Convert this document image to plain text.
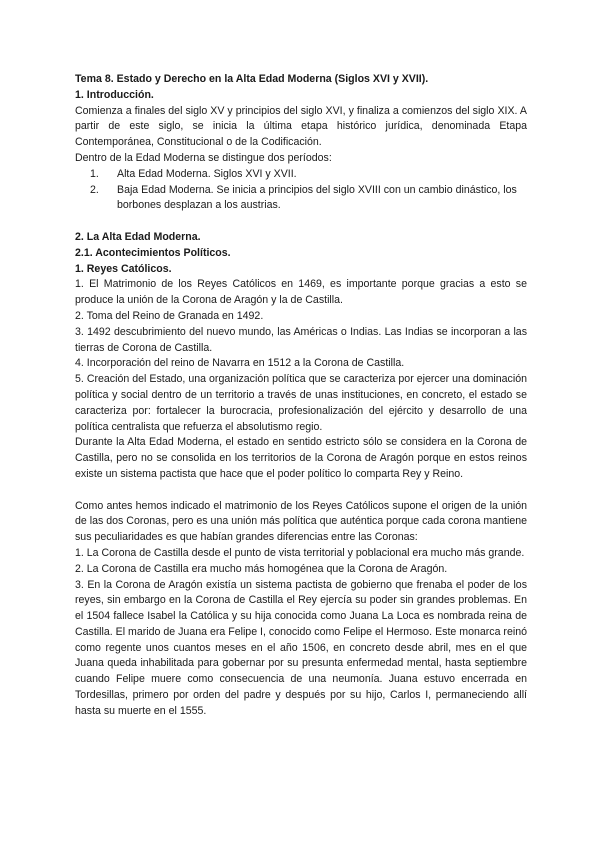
Tema 8. Estado y Derecho en la Alta Edad Moderna (Siglos XVI y XVII).

1. Introducción.

Comienza a finales del siglo XV y principios del siglo XVI, y finaliza a comienzos del siglo XIX. A partir de este siglo, se inicia la última etapa histórico jurídica, denominada Etapa Contemporánea, Constitucional o de la Codificación.

Dentro de la Edad Moderna se distingue dos períodos:

1.	Alta Edad Moderna. Siglos XVI y XVII.
2.	Baja Edad Moderna. Se inicia a principios del siglo XVIII con un cambio dinástico, los borbones desplazan a los austrias.

2. La Alta Edad Moderna.

2.1. Acontecimientos Políticos.

1. Reyes Católicos.

1. El Matrimonio de los Reyes Católicos en 1469, es importante porque gracias a esto se produce la unión de la Corona de Aragón y la de Castilla.

2. Toma del Reino de Granada en 1492.

3. 1492 descubrimiento del nuevo mundo, las Américas o Indias. Las Indias se incorporan a las tierras de Corona de Castilla.

4. Incorporación del reino de Navarra en 1512 a la Corona de Castilla.

5. Creación del Estado, una organización política que se caracteriza por ejercer una dominación política y social dentro de un territorio a través de unas instituciones, en concreto, el estado se caracteriza por: fortalecer la burocracia, profesionalización del ejército y desarrollo de una política centralista que refuerza el absolutismo regio.

Durante la Alta Edad Moderna, el estado en sentido estricto sólo se considera en la Corona de Castilla, pero no se consolida en los territorios de la Corona de Aragón porque en estos reinos existe un sistema pactista que hace que el poder político lo comparta Rey y Reino.

Como antes hemos indicado el matrimonio de los Reyes Católicos supone el origen de la unión de las dos Coronas, pero es una unión más política que auténtica porque cada corona mantiene sus peculiaridades es que habían grandes diferencias entre las Coronas:

1. La Corona de Castilla desde el punto de vista territorial y poblacional era mucho más grande.

2. La Corona de Castilla era mucho más homogénea que la Corona de Aragón.

3. En la Corona de Aragón existía un sistema pactista de gobierno que frenaba el poder de los reyes, sin embargo en la Corona de Castilla el Rey ejercía su poder sin grandes problemas. En el 1504 fallece Isabel la Católica y su hija conocida como Juana La Loca es nombrada reina de Castilla. El marido de Juana era Felipe I, conocido como Felipe el Hermoso. Este monarca reinó como regente unos cuantos meses en el año 1506, en concreto desde abril, mes en el que Juana queda inhabilitada para gobernar por su presunta enfermedad mental, hasta septiembre cuando Felipe muere como consecuencia de una neumonía. Juana estuvo encerrada en Tordesillas, primero por orden del padre y después por su hijo, Carlos I, permaneciendo allí hasta su muerte en el 1555.
